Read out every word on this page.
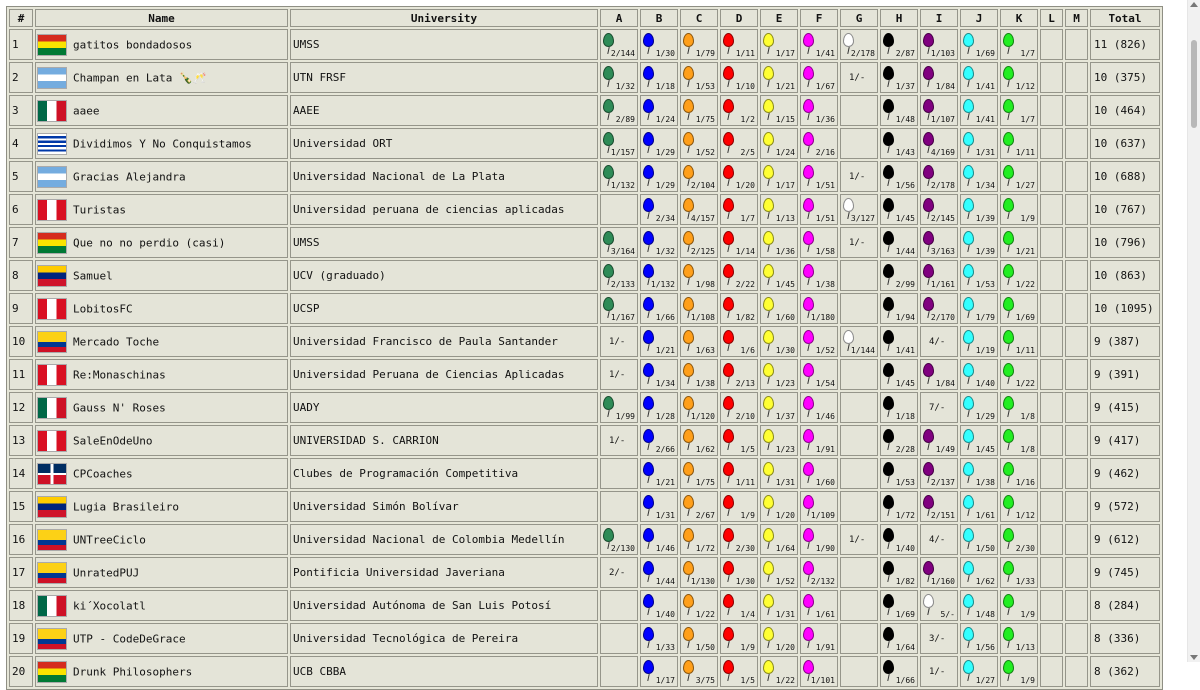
#	Name	University	A	B	C	D	E	F	G	H	I	J	K	L	M	Total
1	gatitos bondadosos	UMSS	2/144	1/30	1/79	1/11	1/17	1/41	2/178	2/87	1/103	1/69	1/7			11 (826)
2	Champan en Lata 🍾🥂	UTN FRSF	1/32	1/18	1/53	1/10	1/21	1/67	1/-	1/37	1/84	1/41	1/12			10 (375)
3	aaee	AAEE	2/89	1/24	1/75	1/2	1/15	1/36		1/48	1/107	1/41	1/7			10 (464)
4	Dividimos Y No Conquistamos	Universidad ORT	1/157	1/29	1/52	2/5	1/24	2/16		1/43	4/169	1/31	1/11			10 (637)
5	Gracias Alejandra	Universidad Nacional de La Plata	1/132	1/29	2/104	1/20	1/17	1/51	1/-	1/56	2/178	1/34	1/27			10 (688)
6	Turistas	Universidad peruana de ciencias aplicadas		2/34	4/157	1/7	1/13	1/51	3/127	1/45	2/145	1/39	1/9			10 (767)
7	Que no no perdio (casi)	UMSS	3/164	1/32	2/125	1/14	1/36	1/58	1/-	1/44	3/163	1/39	1/21			10 (796)
8	Samuel	UCV (graduado)	2/133	1/132	1/98	2/22	1/45	1/38		2/99	1/161	1/53	1/22			10 (863)
9	LobitosFC	UCSP	1/167	1/66	1/108	1/82	1/60	1/180		1/94	2/170	1/79	1/69			10 (1095)
10	Mercado Toche	Universidad Francisco de Paula Santander	1/-	1/21	1/63	1/6	1/30	1/52	1/144	1/41	4/-	1/19	1/11			9 (387)
11	Re:Monaschinas	Universidad Peruana de Ciencias Aplicadas	1/-	1/34	1/38	2/13	1/23	1/54		1/45	1/84	1/40	1/22			9 (391)
12	Gauss N' Roses	UADY	1/99	1/28	1/120	2/10	1/37	1/46		1/18	7/-	1/29	1/8			9 (415)
13	SaleEnOdeUno	UNIVERSIDAD S. CARRION	1/-	2/66	1/62	1/5	1/23	1/91		2/28	1/49	1/45	1/8			9 (417)
14	CPCoaches	Clubes de Programación Competitiva		1/21	1/75	1/11	1/31	1/60		1/53	2/137	1/38	1/16			9 (462)
15	Lugia Brasileiro	Universidad Simón Bolívar		1/31	2/67	1/9	1/20	1/109		1/72	2/151	1/61	1/12			9 (572)
16	UNTreeCiclo	Universidad Nacional de Colombia Medellín	2/130	1/46	1/72	2/30	1/64	1/90	1/-	1/40	4/-	1/50	2/30			9 (612)
17	UnratedPUJ	Pontificia Universidad Javeriana	2/-	1/44	1/130	1/30	1/52	2/132		1/82	1/160	1/62	1/33			9 (745)
18	ki´Xocolatl	Universidad Autónoma de San Luis Potosí		1/40	1/22	1/4	1/31	1/61		1/69	5/-	1/48	1/9			8 (284)
19	UTP - CodeDeGrace	Universidad Tecnológica de Pereira		1/33	1/50	1/9	1/20	1/91		1/64	3/-	1/56	1/13			8 (336)
20	Drunk Philosophers	UCB CBBA		1/17	3/75	1/5	1/22	1/101		1/66	1/-	1/27	1/9			8 (362)
